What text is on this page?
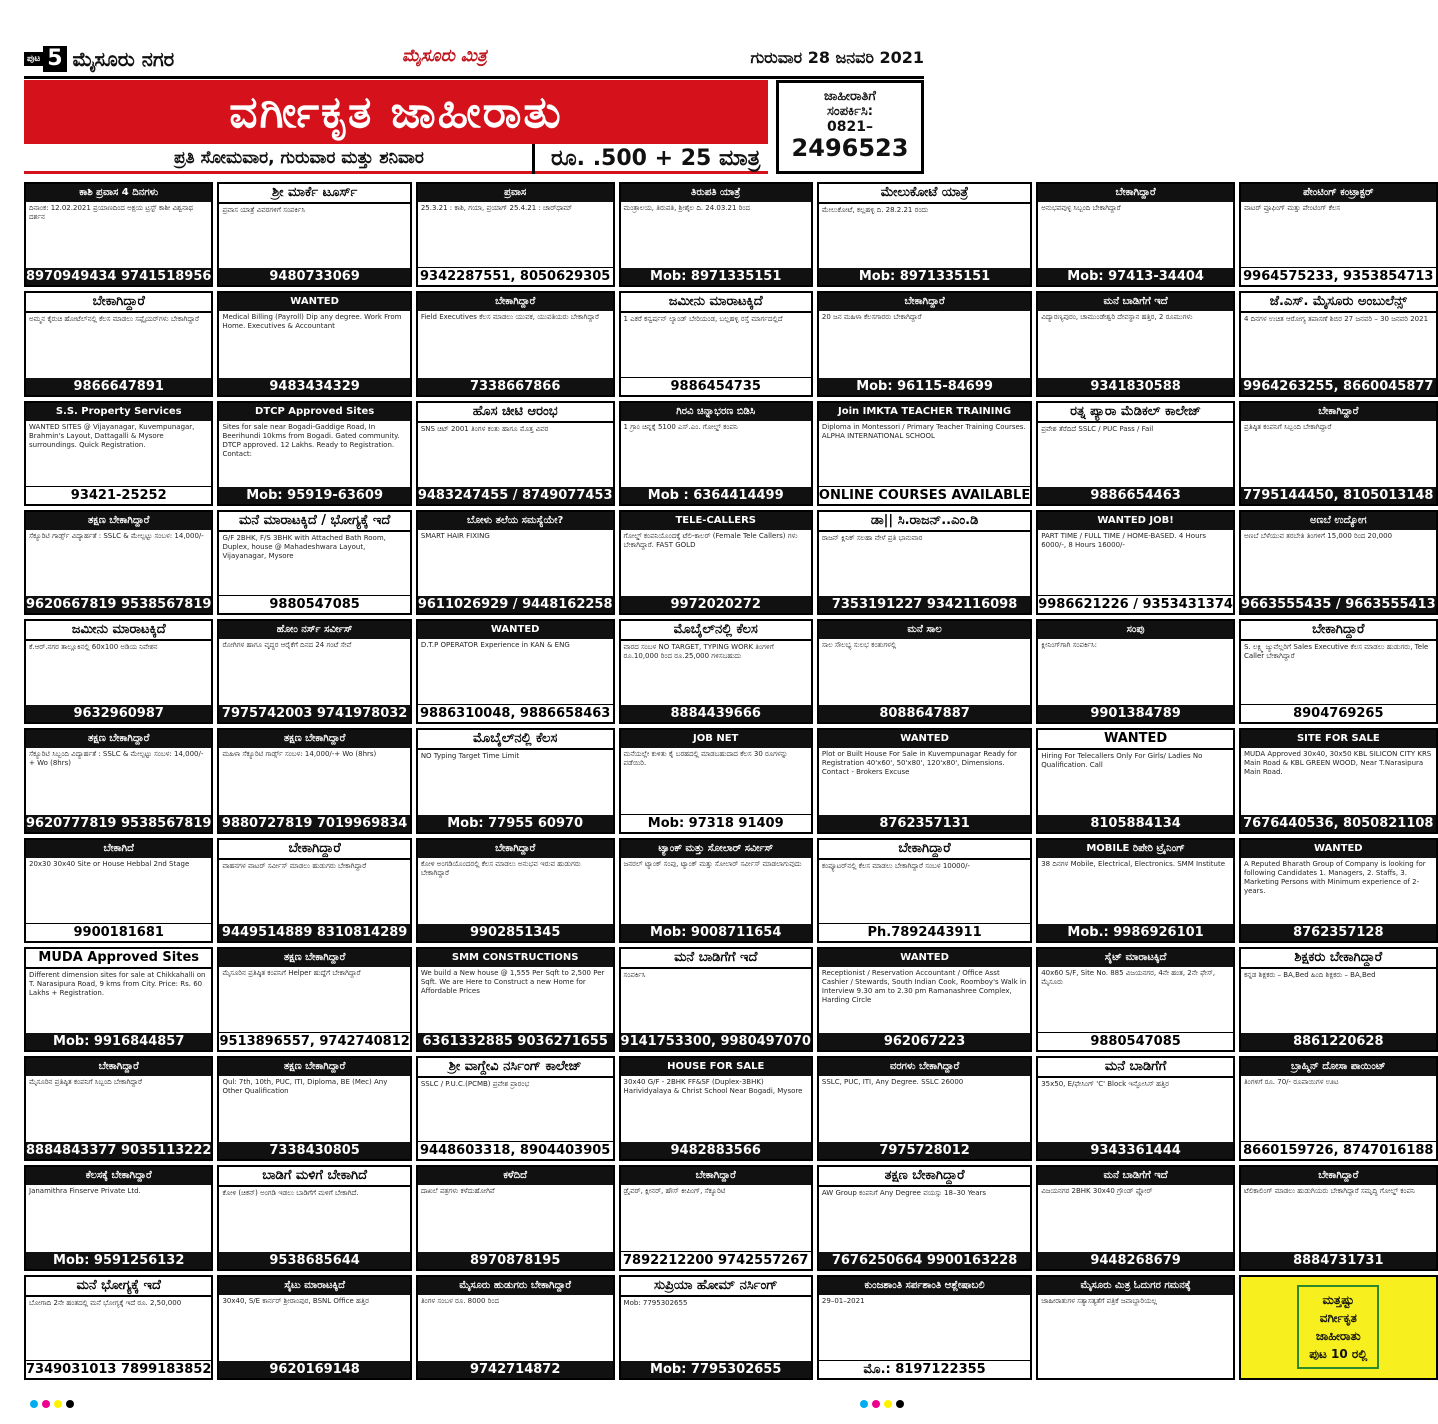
ಪುಟ 5 ಮೈಸೂರು ನಗರ	ಮೈಸೂರು ಮಿತ್ರ	ಗುರುವಾರ 28 ಜನವರಿ 2021
ವರ್ಗೀಕೃತ ಜಾಹೀರಾತು
ಪ್ರತಿ ಸೋಮವಾರ, ಗುರುವಾರ ಮತ್ತು ಶನಿವಾರ	ರೂ. .500 + 25 ಮಾತ್ರ
ಜಾಹೀರಾತಿಗೆ
ಸಂಪರ್ಕಿಸಿ:
0821–
2496523
ಕಾಶಿ ಪ್ರವಾಸ 4 ದಿನಗಳು
ದಿನಾಂಕ: 12.02.2021 ಪ್ರಯಾಣದಿಂದ ಅಕ್ಷಯ ಟ್ರಸ್ಟ್ ಕಾಶೀ ವಿಶ್ವನಾಥ ದರ್ಶನ
8970949434 9741518956
ಶ್ರೀ ಮಾರ್ಕೆ ಟೂರ್ಸ್
ಪ್ರವಾಸ ಯಾತ್ರೆ ವಿವರಗಳಿಗೆ ಸಂಪರ್ಕಿಸಿ
9480733069
ಪ್ರವಾಸ
25.3.21 : ಕಾಶಿ, ಗಯಾ, ಪ್ರಯಾಗ್ 25.4.21 : ಚಾರ್‌ಧಾಮ್
9342287551, 8050629305
ತಿರುಪತಿ ಯಾತ್ರೆ
ಮಂತ್ರಾಲಯ, ತಿರುಪತಿ, ಶ್ರೀಶೈಲ ದಿ. 24.03.21 ರಿಂದ
Mob: 8971335151
ಮೇಲುಕೋಟೆ ಯಾತ್ರೆ
ಮೇಲುಕೋಟೆ, ಕಲ್ಲಹಳ್ಳಿ ದಿ. 28.2.21 ರಂದು
Mob: 8971335151
ಬೇಕಾಗಿದ್ದಾರೆ
ಅನುಭವವುಳ್ಳ ಸಿಬ್ಬಂದಿ ಬೇಕಾಗಿದ್ದಾರೆ
Mob: 97413-34404
ಪೇಂಟಿಂಗ್ ಕಂಟ್ರಾಕ್ಟರ್
ವಾಟರ್ ಪ್ರೂಫಿಂಗ್ ಮತ್ತು ಪೇಂಟಿಂಗ್ ಕೆಲಸ
9964575233, 9353854713
ಬೇಕಾಗಿದ್ದಾರೆ
ಅಮ್ಮನ ಕೈರುಚಿ ಹೋಟೆಲ್‌ನಲ್ಲಿ ಕೆಲಸ ಮಾಡಲು ಸಪ್ಲೈಯರ್‌ಗಳು ಬೇಕಾಗಿದ್ದಾರೆ
9866647891
WANTED
Medical Billing (Payroll) Dip any degree. Work From Home. Executives & Accountant
9483434329
ಬೇಕಾಗಿದ್ದಾರೆ
Field Executives ಕೆಲಸ ಮಾಡಲು ಯುವಕ, ಯುವತಿಯರು ಬೇಕಾಗಿದ್ದಾರೆ
7338667866
ಜಮೀನು ಮಾರಾಟಕ್ಕಿದೆ
1 ಎಕರೆ ಕನ್ವರ್ಷನ್ ಲ್ಯಾಂಡ್ ಬೇರಿಯಂಡ, ಬಲ್ಲಹಳ್ಳಿ ರಸ್ತೆ ಮಾರ್ಗದಲ್ಲಿದೆ
9886454735
ಬೇಕಾಗಿದ್ದಾರೆ
20 ಜನ ಮಹಿಳಾ ಕೆಲಸಗಾರರು ಬೇಕಾಗಿದ್ದಾರೆ
Mob: 96115-84699
ಮನೆ ಬಾಡಿಗೆಗೆ ಇದೆ
ವಿದ್ಯಾರಣ್ಯಪುರಂ, ಚಾಮುಂಡೇಶ್ವರಿ ದೇವಸ್ಥಾನ ಹತ್ತಿರ, 2 ರೂಮುಗಳು
9341830588
ಜೆ.ಎಸ್. ಮೈಸೂರು ಅಂಬುಲೆನ್ಸ್
4 ದಿನಗಳ ಉಚಿತ ಆರೋಗ್ಯ ತಪಾಸಣೆ ಶಿಬಿರ 27 ಜನವರಿ – 30 ಜನವರಿ 2021
9964263255, 8660045877
S.S. Property Services
WANTED SITES @ Vijayanagar, Kuvempunagar, Brahmin's Layout, Dattagalli & Mysore surroundings. Quick Registration.
93421-25252
DTCP Approved Sites
Sites for sale near Bogadi-Gaddige Road, In Beerihundi 10kms from Bogadi. Gated community. DTCP approved. 12 Lakhs. Ready to Registration. Contact:
Mob: 95919-63609
ಹೊಸ ಚೀಟಿ ಆರಂಭ
SNS ಚಿಟ್ 2001 ತಿಂಗಳ ಕಂತು ಹಾಗೂ ಮೊತ್ತ ವಿವರ
9483247455 / 8749077453
ಗಿರವಿ ಚಿನ್ನಾಭರಣ ಬಿಡಿಸಿ
1 ಗ್ರಾಂ ಚಿನ್ನಕ್ಕೆ 5100 ಎಸ್.ಎಂ. ಗೋಲ್ಡ್ ಕಂಪನಿ
Mob : 6364414499
Join IMKTA TEACHER TRAINING
Diploma in Montessori / Primary Teacher Training Courses. ALPHA INTERNATIONAL SCHOOL
ONLINE COURSES AVAILABLE
ರತ್ನ ಪ್ಯಾರಾ ಮೆಡಿಕಲ್ ಕಾಲೇಜ್
ಪ್ರವೇಶ ತೆರೆದಿದೆ SSLC / PUC Pass / Fail
9886654463
ಬೇಕಾಗಿದ್ದಾರೆ
ಪ್ರತಿಷ್ಠಿತ ಕಂಪನಿಗೆ ಸಿಬ್ಬಂದಿ ಬೇಕಾಗಿದ್ದಾರೆ
7795144450, 8105013148
ತಕ್ಷಣ ಬೇಕಾಗಿದ್ದಾರೆ
ಸೆಕ್ಯೂರಿಟಿ ಗಾರ್ಡ್ಸ್ ವಿದ್ಯಾರ್ಹತೆ : SSLC & ಮೇಲ್ಪಟ್ಟು ಸಂಬಳ: 14,000/-
9620667819 9538567819
ಮನೆ ಮಾರಾಟಕ್ಕಿದೆ / ಭೋಗ್ಯಕ್ಕೆ ಇದೆ
G/F 2BHK, F/S 3BHK with Attached Bath Room, Duplex, house @ Mahadeshwara Layout, Vijayanagar, Mysore
9880547085
ಬೋಳು ತಲೆಯ ಸಮಸ್ಯೆಯೇ?
SMART HAIR FIXING
9611026929 / 9448162258
TELE-CALLERS
ಗೋಲ್ಡ್ ಕಂಪನಿಯೊಂದಕ್ಕೆ ಟೆಲಿ-ಕಾಲರ್ (Female Tele Callers) ಗಳು ಬೇಕಾಗಿದ್ದಾರೆ. FAST GOLD
9972020272
ಡಾ|| ಸಿ.ರಾಜನ್..ಎಂ.ಡಿ
ರಾಜನ್ ಕ್ಲಿನಿಕ್ ಸಲಹಾ ವೇಳೆ ಪ್ರತಿ ಭಾನುವಾರ
7353191227 9342116098
WANTED JOB!
PART TIME / FULL TIME / HOME-BASED. 4 Hours 6000/-, 8 Hours 16000/-
9986621226 / 9353431374
ಅಣಬೆ ಉದ್ಯೋಗ
ಅಣಬೆ ಬೆಳೆಯುವ ತರಬೇತಿ ತಿಂಗಳಿಗೆ 15,000 ರಿಂದ 20,000
9663555435 / 9663555413
ಜಮೀನು ಮಾರಾಟಕ್ಕಿದೆ
ಕೆ.ಆರ್.ನಗರ ತಾಲ್ಲೂಕಿನಲ್ಲಿ 60x100 ಅಡಿಯ ನಿವೇಶನ
9632960987
ಹೋಂ ನರ್ಸ್ ಸರ್ವೀಸ್
ರೋಗಿಗಳ ಹಾಗೂ ವೃದ್ಧರ ಆರೈಕೆಗೆ ದಿನದ 24 ಗಂಟೆ ಸೇವೆ
7975742003 9741978032
WANTED
D.T.P OPERATOR Experience in KAN & ENG
9886310048, 9886658463
ಮೊಬೈಲ್‌ನಲ್ಲಿ ಕೆಲಸ
ವಾರದ ಸಂಬಳ NO TARGET, TYPING WORK ತಿಂಗಳಿಗೆ ರೂ.10,000 ರಿಂದ ರೂ.25,000 ಗಳಿಸಬಹುದು
8884439666
ಮನೆ ಸಾಲ
ಸಾಲ ಸೌಲಭ್ಯ ಸುಲಭ ಕಂತುಗಳಲ್ಲಿ
8088647887
ಸಂಪು
ಕ್ಲೀನಿಂಗ್‌ಗಾಗಿ ಸಂಪರ್ಕಿಸಿ:
9901384789
ಬೇಕಾಗಿದ್ದಾರೆ
S. ಲಕ್ಷ್ಮಿ ಜ್ಯುವೆಲ್ಲರಿಗೆ Sales Executive ಕೆಲಸ ಮಾಡಲು ಹುಡುಗರು, Tele Caller ಬೇಕಾಗಿದ್ದಾರೆ
8904769265
ತಕ್ಷಣ ಬೇಕಾಗಿದ್ದಾರೆ
ಸೆಕ್ಯೂರಿಟಿ ಸಿಬ್ಬಂದಿ ವಿದ್ಯಾರ್ಹತೆ : SSLC & ಮೇಲ್ಪಟ್ಟು ಸಂಬಳ: 14,000/- + Wo (8hrs)
9620777819 9538567819
ತಕ್ಷಣ ಬೇಕಾಗಿದ್ದಾರೆ
ಮಹಿಳಾ ಸೆಕ್ಯೂರಿಟಿ ಗಾರ್ಡ್ಸ್ ಸಂಬಳ: 14,000/-+ Wo (8hrs)
9880727819 7019969834
ಮೊಬೈಲ್‌ನಲ್ಲಿ ಕೆಲಸ
NO Typing Target Time Limit
Mob: 77955 60970
JOB NET
ಮನೆಯಲ್ಲೇ ಕುಳಿತು ಕೈ ಬರಹದಲ್ಲಿ ಮಾಡಬಹುದಾದ ಕೆಲಸ 30 ರೂಗಳನ್ನು ಪಡೆಯಿರಿ.
Mob: 97318 91409
WANTED
Plot or Built House For Sale in Kuvempunagar Ready for Registration 40'x60', 50'x80', 120'x80', Dimensions. Contact - Brokers Excuse
8762357131
WANTED
Hiring For Telecallers Only For Girls/ Ladies No Qualification. Call
8105884134
SITE FOR SALE
MUDA Approved 30x40, 30x50 KBL SILICON CITY KRS Main Road & KBL GREEN WOOD, Near T.Narasipura Main Road.
7676440536, 8050821108
ಬೇಕಾಗಿದೆ
20x30 30x40 Site or House Hebbal 2nd Stage
9900181681
ಬೇಕಾಗಿದ್ದಾರೆ
ವಾಹನಗಳ ವಾಟರ್ ಸರ್ವೀಸ್ ಮಾಡಲು ಹುಡುಗರು ಬೇಕಾಗಿದ್ದಾರೆ
9449514889 8310814289
ಬೇಕಾಗಿದ್ದಾರೆ
ಕೋಳಿ ಅಂಗಡಿಯೊಂದರಲ್ಲಿ ಕೆಲಸ ಮಾಡಲು ಅನುಭವ ಇರುವ ಹುಡುಗರು ಬೇಕಾಗಿದ್ದಾರೆ
9902851345
ಟ್ಯಾಂಕ್ ಮತ್ತು ಸೋಲಾರ್ ಸರ್ವೀಸ್
ಜನರಲ್ ಟ್ಯಾಂಕ್ ಸಂಪು, ಟ್ಯಾಂಕ್ ಮತ್ತು ಸೋಲಾರ್ ಸರ್ವೀಸ್ ಮಾಡಲಾಗುವುದು
Mob: 9008711654
ಬೇಕಾಗಿದ್ದಾರೆ
ಕಂಪ್ಯೂಟರ್‌ನಲ್ಲಿ ಕೆಲಸ ಮಾಡಲು ಬೇಕಾಗಿದ್ದಾರೆ ಸಂಬಳ 10000/-
Ph.7892443911
MOBILE ರಿಪೇರಿ ಟ್ರೈನಿಂಗ್
38 ದಿನಗಳ Mobile, Electrical, Electronics. SMM Institute
Mob.: 9986926101
WANTED
A Reputed Bharath Group of Company is looking for following Candidates 1. Managers, 2. Staffs, 3. Marketing Persons with Minimum experience of 2-years.
8762357128
MUDA Approved Sites
Different dimension sites for sale at Chikkahalli on T. Narasipura Road, 9 kms from City. Price: Rs. 60 Lakhs + Registration.
Mob: 9916844857
ತಕ್ಷಣ ಬೇಕಾಗಿದ್ದಾರೆ
ಮೈಸೂರಿನ ಪ್ರತಿಷ್ಠಿತ ಕಂಪನಿಗೆ Helper ಹುದ್ದೆಗೆ ಬೇಕಾಗಿದ್ದಾರೆ
9513896557, 9742740812
SMM CONSTRUCTIONS
We build a New house @ 1,555 Per Sqft to 2,500 Per Sqft. We are Here to Construct a new Home for Affordable Prices
6361332885 9036271655
ಮನೆ ಬಾಡಿಗೆಗೆ ಇದೆ
ಸಂಪರ್ಕಿಸಿ
9141753300, 9980497070
WANTED
Receptionist / Reservation Accountant / Office Asst Cashier / Stewards, South Indian Cook, Roomboy's Walk in Interview 9.30 am to 2.30 pm Ramanashree Complex, Harding Circle
962067223
ಸೈಟ್ ಮಾರಾಟಕ್ಕಿದೆ
40x60 S/F, Site No. 885 ವಿಜಯನಗರ, 4ನೇ ಹಂತ, 2ನೇ ಫೇಸ್, ಮೈಸೂರು
9880547085
ಶಿಕ್ಷಕರು ಬೇಕಾಗಿದ್ದಾರೆ
ಕನ್ನಡ ಶಿಕ್ಷಕರು – BA,Bed ಹಿಂದಿ ಶಿಕ್ಷಕರು – BA,Bed
8861220628
ಬೇಕಾಗಿದ್ದಾರೆ
ಮೈಸೂರಿನ ಪ್ರತಿಷ್ಠಿತ ಕಂಪನಿಗೆ ಸಿಬ್ಬಂದಿ ಬೇಕಾಗಿದ್ದಾರೆ
8884843377 9035113222
ತಕ್ಷಣ ಬೇಕಾಗಿದ್ದಾರೆ
Qul: 7th, 10th, PUC, ITI, Diploma, BE (Mec) Any Other Qualification
7338430805
ಶ್ರೀ ವಾಗ್ದೇವಿ ನರ್ಸಿಂಗ್ ಕಾಲೇಜ್
SSLC / P.U.C.(PCMB) ಪ್ರವೇಶ ಪ್ರಾರಂಭ
9448603318, 8904403905
HOUSE FOR SALE
30x40 G/F - 2BHK FF&SF (Duplex-3BHK) Harividyalaya & Christ School Near Bogadi, Mysore
9482883566
ವರಗಳು ಬೇಕಾಗಿದ್ದಾರೆ
SSLC, PUC, ITI, Any Degree. SSLC 26000
7975728012
ಮನೆ ಬಾಡಿಗೆಗೆ
35x50, E/ಫೇಸಿಂಗ್ 'C' Block ಇನ್ಫೋಸಿಸ್ ಹತ್ತಿರ
9343361444
ಬ್ರಾಹ್ಮಿನ್ ದೋಸಾ ಪಾಯಿಂಟ್
ತಿಂಗಳಿಗೆ ರೂ. 70/- ರೂಪಾಯಿಗಳ ಊಟ
8660159726, 8747016188
ಕೆಲಸಕ್ಕೆ ಬೇಕಾಗಿದ್ದಾರೆ
Janamithra Finserve Private Ltd.
Mob: 9591256132
ಬಾಡಿಗೆ ಮಳಿಗೆ ಬೇಕಾಗಿದೆ
ಕೋಳಿ (ಚಿಕನ್) ಅಂಗಡಿ ಇಡಲು ಬಾಡಿಗೆಗೆ ಮಳಿಗೆ ಬೇಕಾಗಿದೆ.
9538685644
ಕಳೆದಿದೆ
ದಾಖಲೆ ಪತ್ರಗಳು ಕಳೆದುಹೋಗಿವೆ
8970878195
ಬೇಕಾಗಿದ್ದಾರೆ
ಡ್ರೈವರ್, ಕ್ಲೀನರ್, ಹೌಸ್ ಕೀಪಿಂಗ್, ಸೆಕ್ಯೂರಿಟಿ
7892212200 9742557267
ತಕ್ಷಣ ಬೇಕಾಗಿದ್ದಾರೆ
AW Group ಕಂಪನಿಗೆ Any Degree ವಯಸ್ಸು 18–30 Years
7676250664 9900163228
ಮನೆ ಬಾಡಿಗೆಗೆ ಇದೆ
ವಿಜಯನಗರ 2BHK 30x40 ಗ್ರೌಂಡ್ ಫ್ಲೋರ್
9448268679
ಬೇಕಾಗಿದ್ದಾರೆ
ಟೆಲಿಕಾಲಿಂಗ್ ಮಾಡಲು ಹುಡುಗಿಯರು ಬೇಕಾಗಿದ್ದಾರೆ ಸಮೃದ್ಧಿ ಗೋಲ್ಡ್ ಕಂಪನಿ
8884731731
ಮನೆ ಭೋಗ್ಯಕ್ಕೆ ಇದೆ
ಬೋಗಾದಿ 2ನೇ ಹಂತದಲ್ಲಿ ಮನೆ ಭೋಗ್ಯಕ್ಕೆ ಇದೆ ರೂ. 2,50,000
7349031013 7899183852
ಸೈಟು ಮಾರಾಟಕ್ಕಿದೆ
30x40, S/E ಕಾರ್ನರ್ ಶ್ರೀರಾಂಪುರ, BSNL Office ಹತ್ತಿರ
9620169148
ಮೈಸೂರು ಹುಡುಗರು ಬೇಕಾಗಿದ್ದಾರೆ
ತಿಂಗಳ ಸಂಬಳ ರೂ. 8000 ರಿಂದ
9742714872
ಸುಪ್ರಿಯಾ ಹೋಮ್ ನರ್ಸಿಂಗ್
Mob: 7795302655
Mob: 7795302655
ಕುಂಜಶಾಂತಿ ಸರ್ಪಶಾಂತಿ ಆಶ್ಲೇಷಾಬಲಿ
29–01–2021
ಮೊ.: 8197122355
ಮೈಸೂರು ಮಿತ್ರ ಓದುಗರ ಗಮನಕ್ಕೆ
ಜಾಹೀರಾತುಗಳ ಸತ್ಯಾಸತ್ಯತೆಗೆ ಪತ್ರಿಕೆ ಜವಾಬ್ದಾರಿಯಲ್ಲ	ಮತ್ತಷ್ಟು
ವರ್ಗೀಕೃತ
ಜಾಹೀರಾತು
ಪುಟ 10 ರಲ್ಲಿ
